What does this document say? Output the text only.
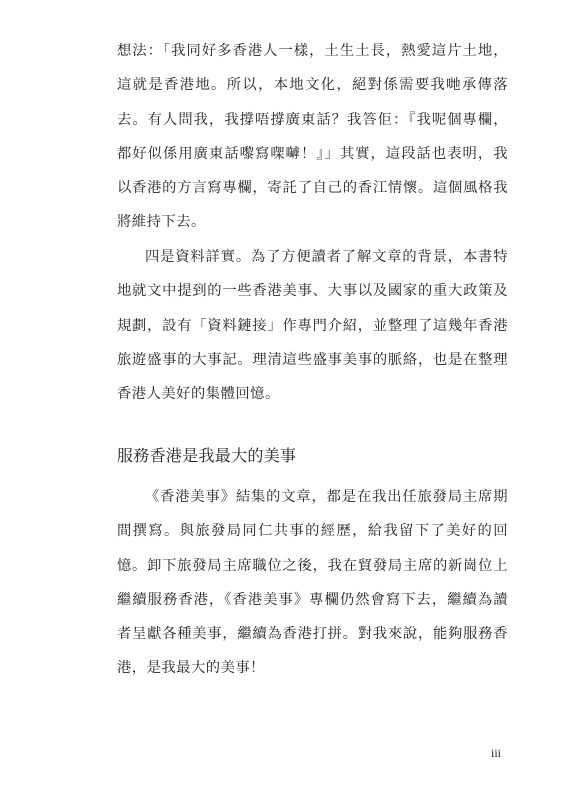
想法：「我同好多香港人一樣，土生土長，熱愛這片土地，這就是香港地。所以，本地文化，絕對係需要我哋承傳落去。有人問我，我撐唔撐廣東話？我答佢：『我呢個專欄，都好似係用廣東話嚟寫㗎嚹！』」其實，這段話也表明，我以香港的方言寫專欄，寄託了自己的香江情懷。這個風格我將維持下去。

四是資料詳實。為了方便讀者了解文章的背景，本書特地就文中提到的一些香港美事、大事以及國家的重大政策及規劃，設有「資料鏈接」作專門介紹，並整理了這幾年香港旅遊盛事的大事記。理清這些盛事美事的脈絡，也是在整理香港人美好的集體回憶。

服務香港是我最大的美事

《香港美事》結集的文章，都是在我出任旅發局主席期間撰寫。與旅發局同仁共事的經歷，給我留下了美好的回憶。卸下旅發局主席職位之後，我在貿發局主席的新崗位上繼續服務香港，《香港美事》專欄仍然會寫下去，繼續為讀者呈獻各種美事，繼續為香港打拼。對我來說，能夠服務香港，是我最大的美事！

iii
